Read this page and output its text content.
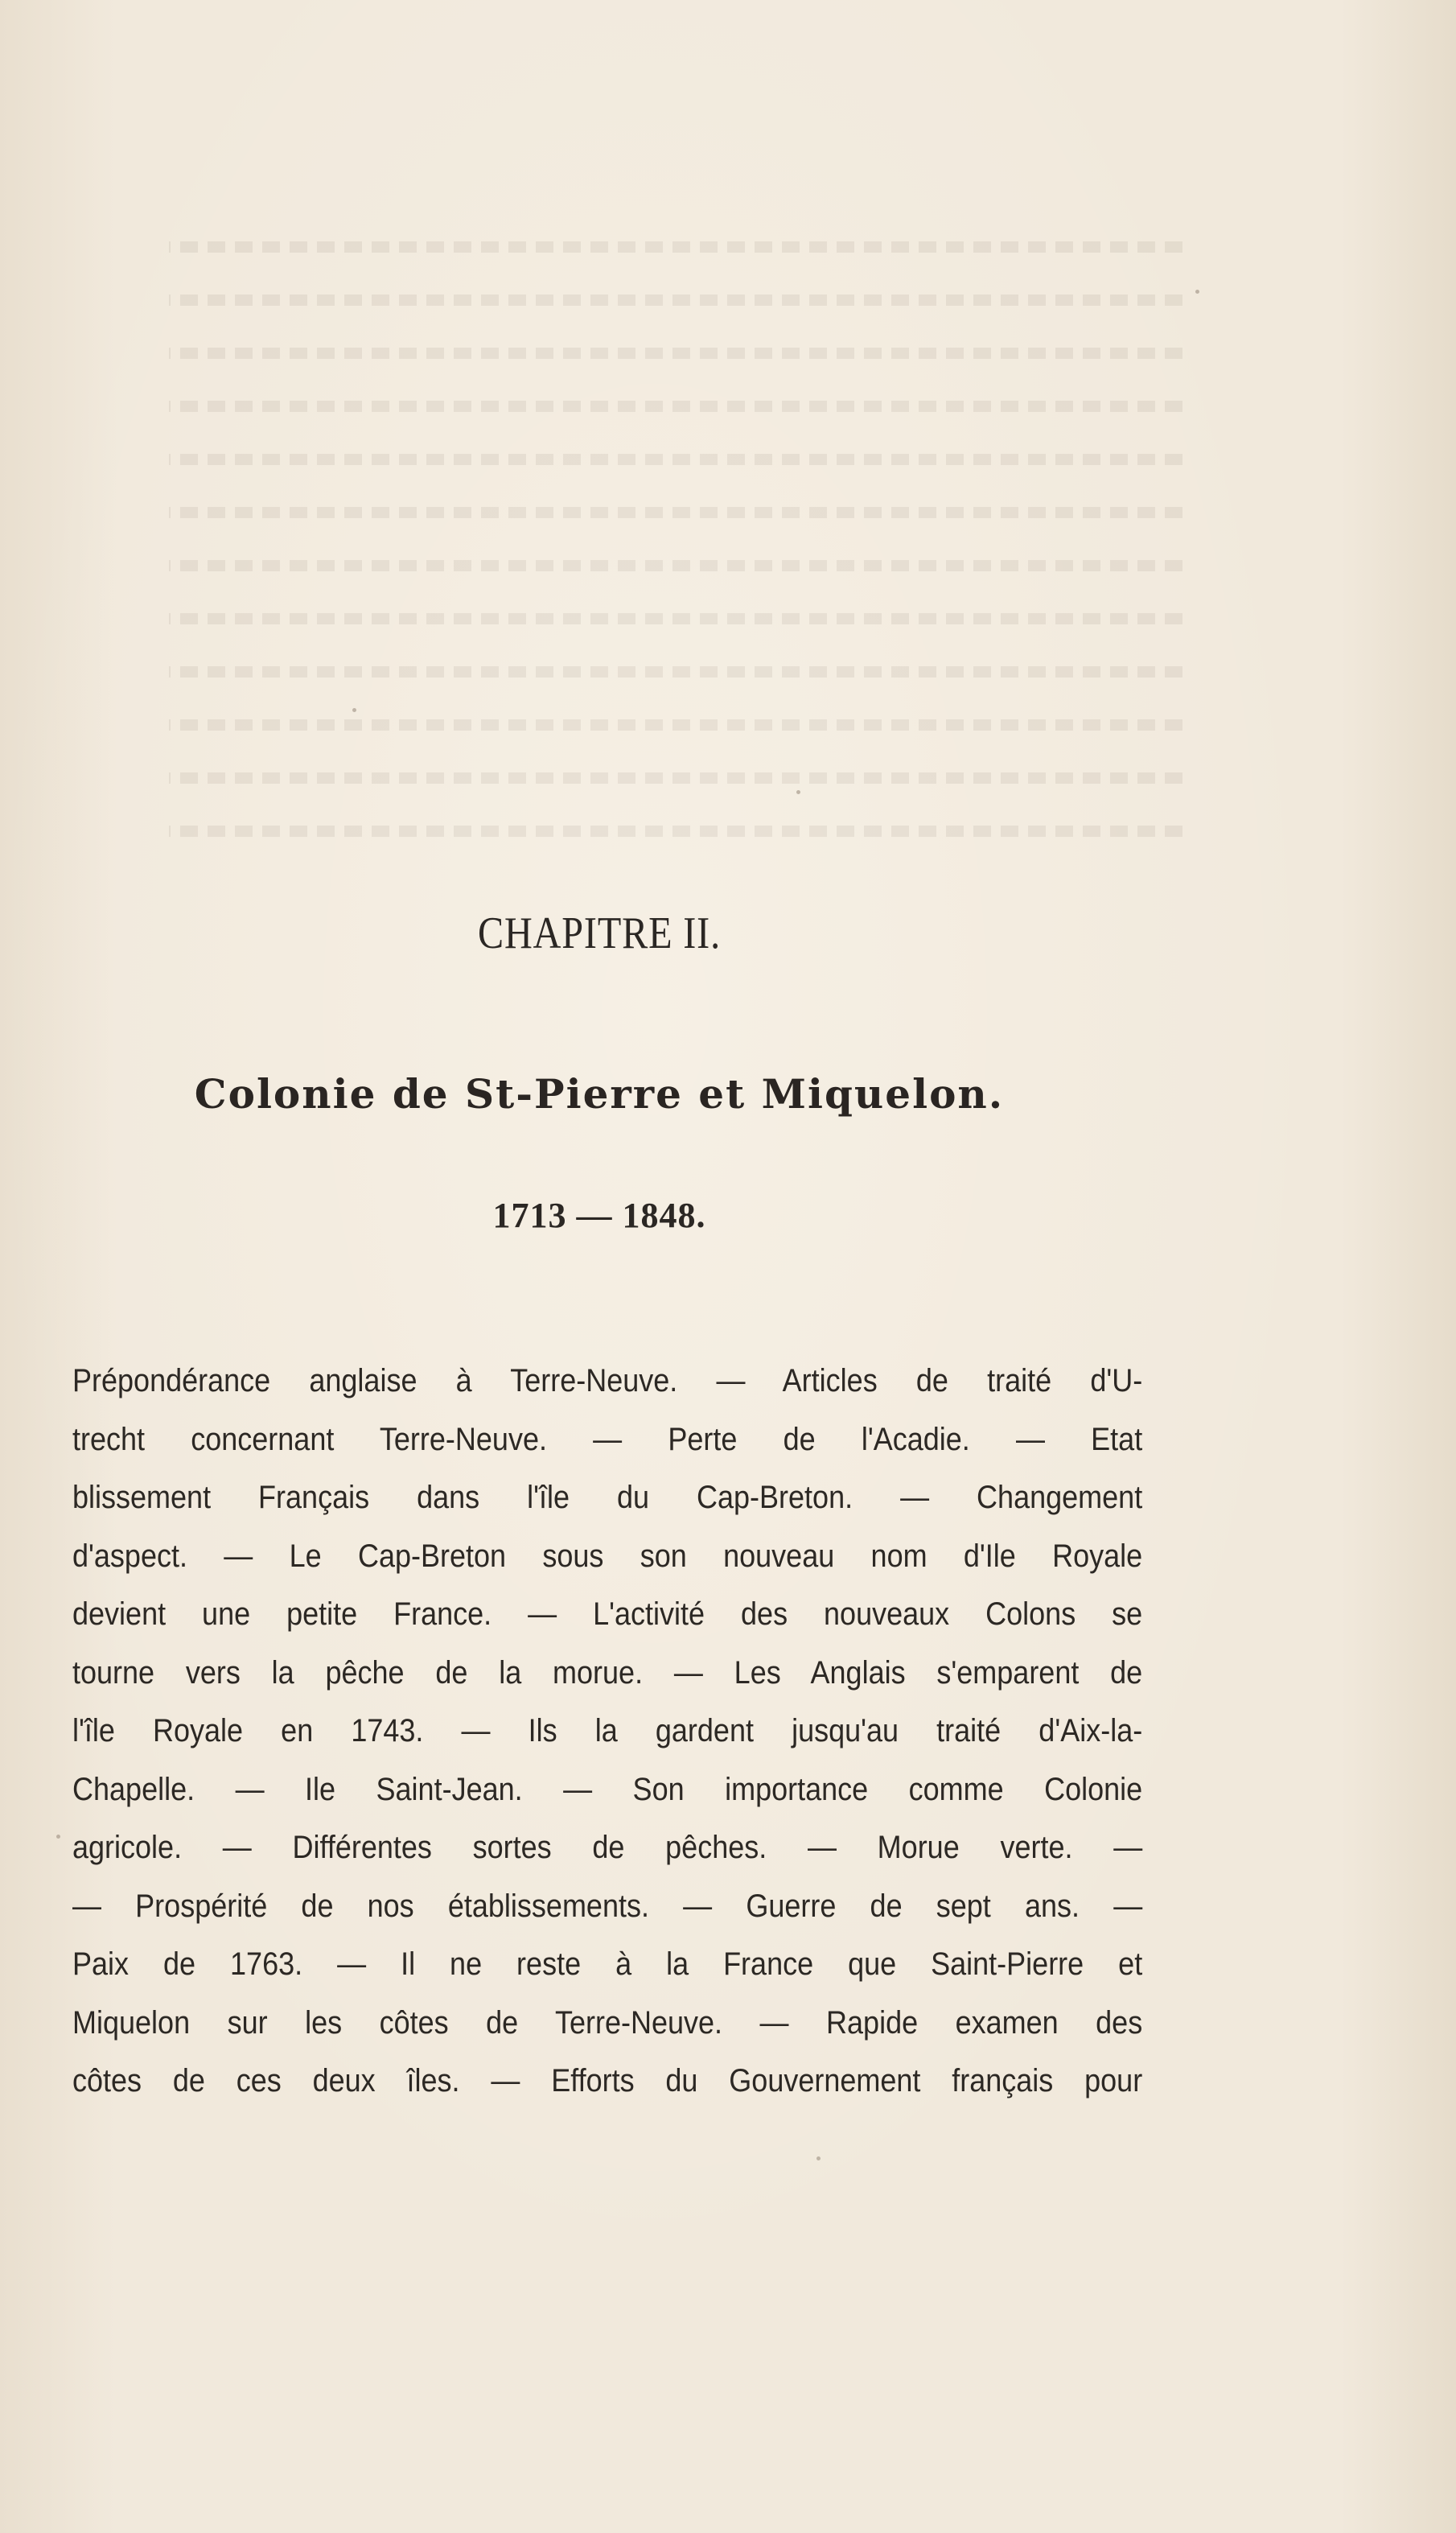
CHAPITRE II.
Colonie de St-Pierre et Miquelon.
1713 — 1848.
Prépondérance anglaise à Terre-Neuve. — Articles de traité d'U-
trecht concernant Terre-Neuve. — Perte de l'Acadie. — Etat
blissement Français dans l'île du Cap-Breton. — Changement
d'aspect. — Le Cap-Breton sous son nouveau nom d'Ile Royale
devient une petite France. — L'activité des nouveaux Colons se
tourne vers la pêche de la morue. — Les Anglais s'emparent de
l'île Royale en 1743. — Ils la gardent jusqu'au traité d'Aix-la-
Chapelle. — Ile Saint-Jean. — Son importance comme Colonie
agricole. — Différentes sortes de pêches. — Morue verte. —
— Prospérité de nos établissements. — Guerre de sept ans. —
Paix de 1763. — Il ne reste à la France que Saint-Pierre et
Miquelon sur les côtes de Terre-Neuve. — Rapide examen des
côtes de ces deux îles. — Efforts du Gouvernement français pour
